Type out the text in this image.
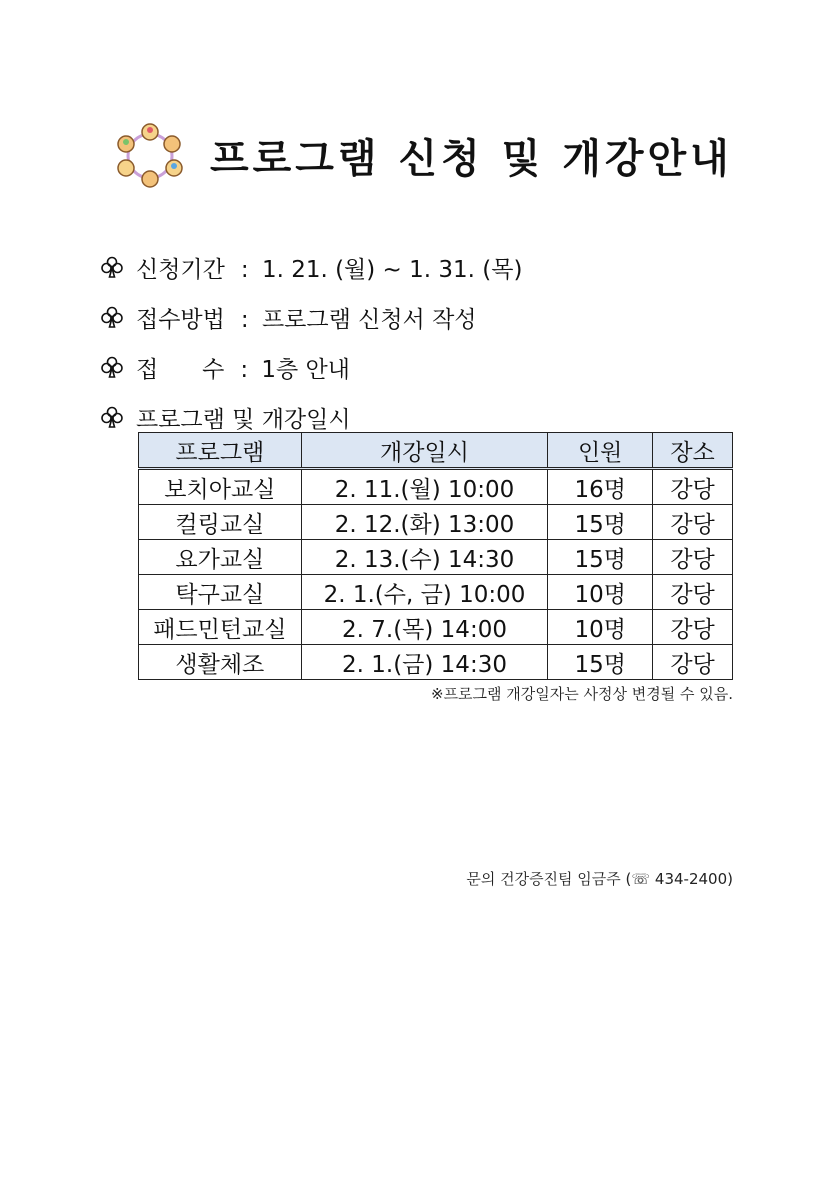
프로그램 신청 및 개강안내
신청기간 : 1. 21. (월) ~ 1. 31. (목)
접수방법 : 프로그램 신청서 작성
접      수 : 1층 안내
프로그램 및 개강일시
프로그램	개강일시	인원	장소
보치아교실	2. 11.(월) 10:00	16명	강당
컬링교실	2. 12.(화) 13:00	15명	강당
요가교실	2. 13.(수) 14:30	15명	강당
탁구교실	2. 1.(수, 금) 10:00	10명	강당
패드민턴교실	2. 7.(목) 14:00	10명	강당
생활체조	2. 1.(금) 14:30	15명	강당
※프로그램 개강일자는 사정상 변경될 수 있음.
문의 건강증진팀 임금주 (☏ 434-2400)
